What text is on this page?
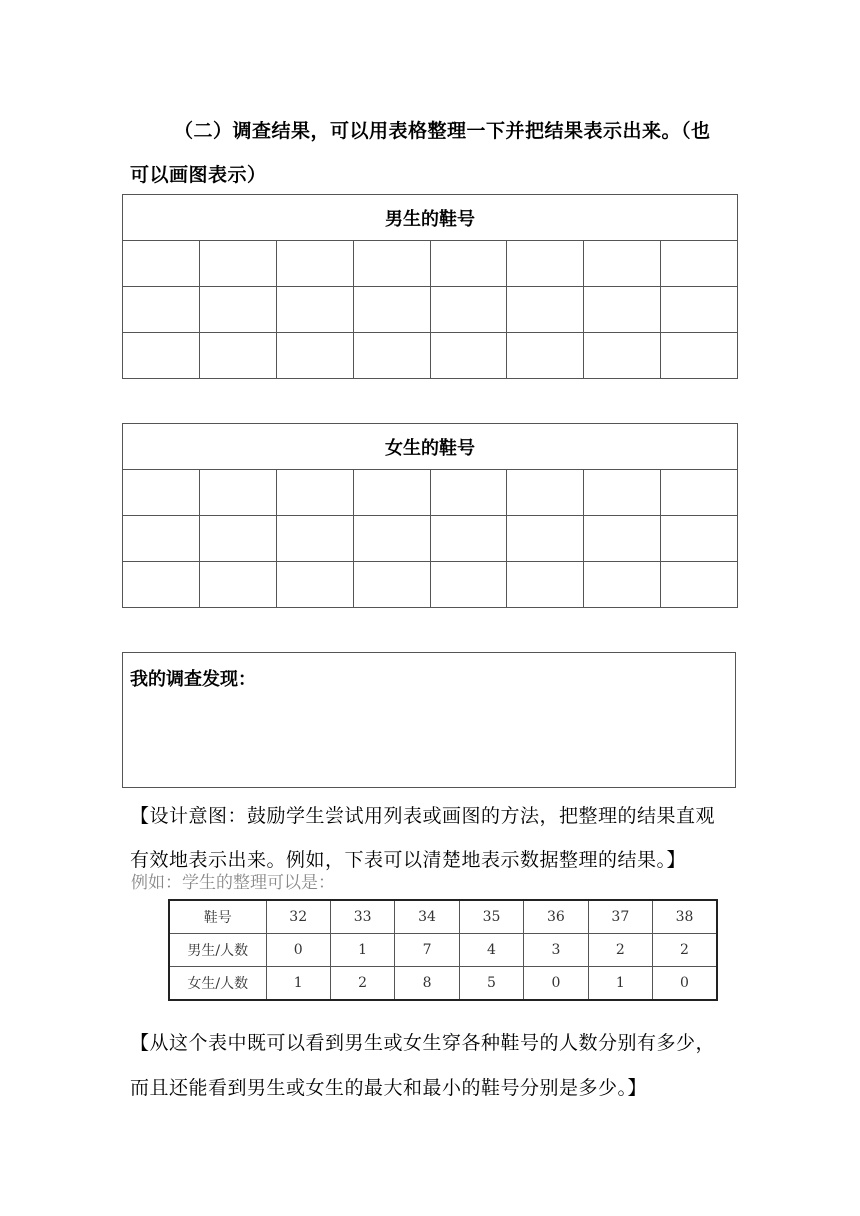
（二）调查结果，可以用表格整理一下并把结果表示出来。（也
可以画图表示）
男生的鞋号							

女生的鞋号							

我的调查发现：
【设计意图：鼓励学生尝试用列表或画图的方法，把整理的结果直观
有效地表示出来。例如，下表可以清楚地表示数据整理的结果。】
例如：学生的整理可以是：
鞋号	32	33	34	35	36	37	38
男生/人数	0	1	7	4	3	2	2
女生/人数	1	2	8	5	0	1	0
【从这个表中既可以看到男生或女生穿各种鞋号的人数分别有多少，
而且还能看到男生或女生的最大和最小的鞋号分别是多少。】
